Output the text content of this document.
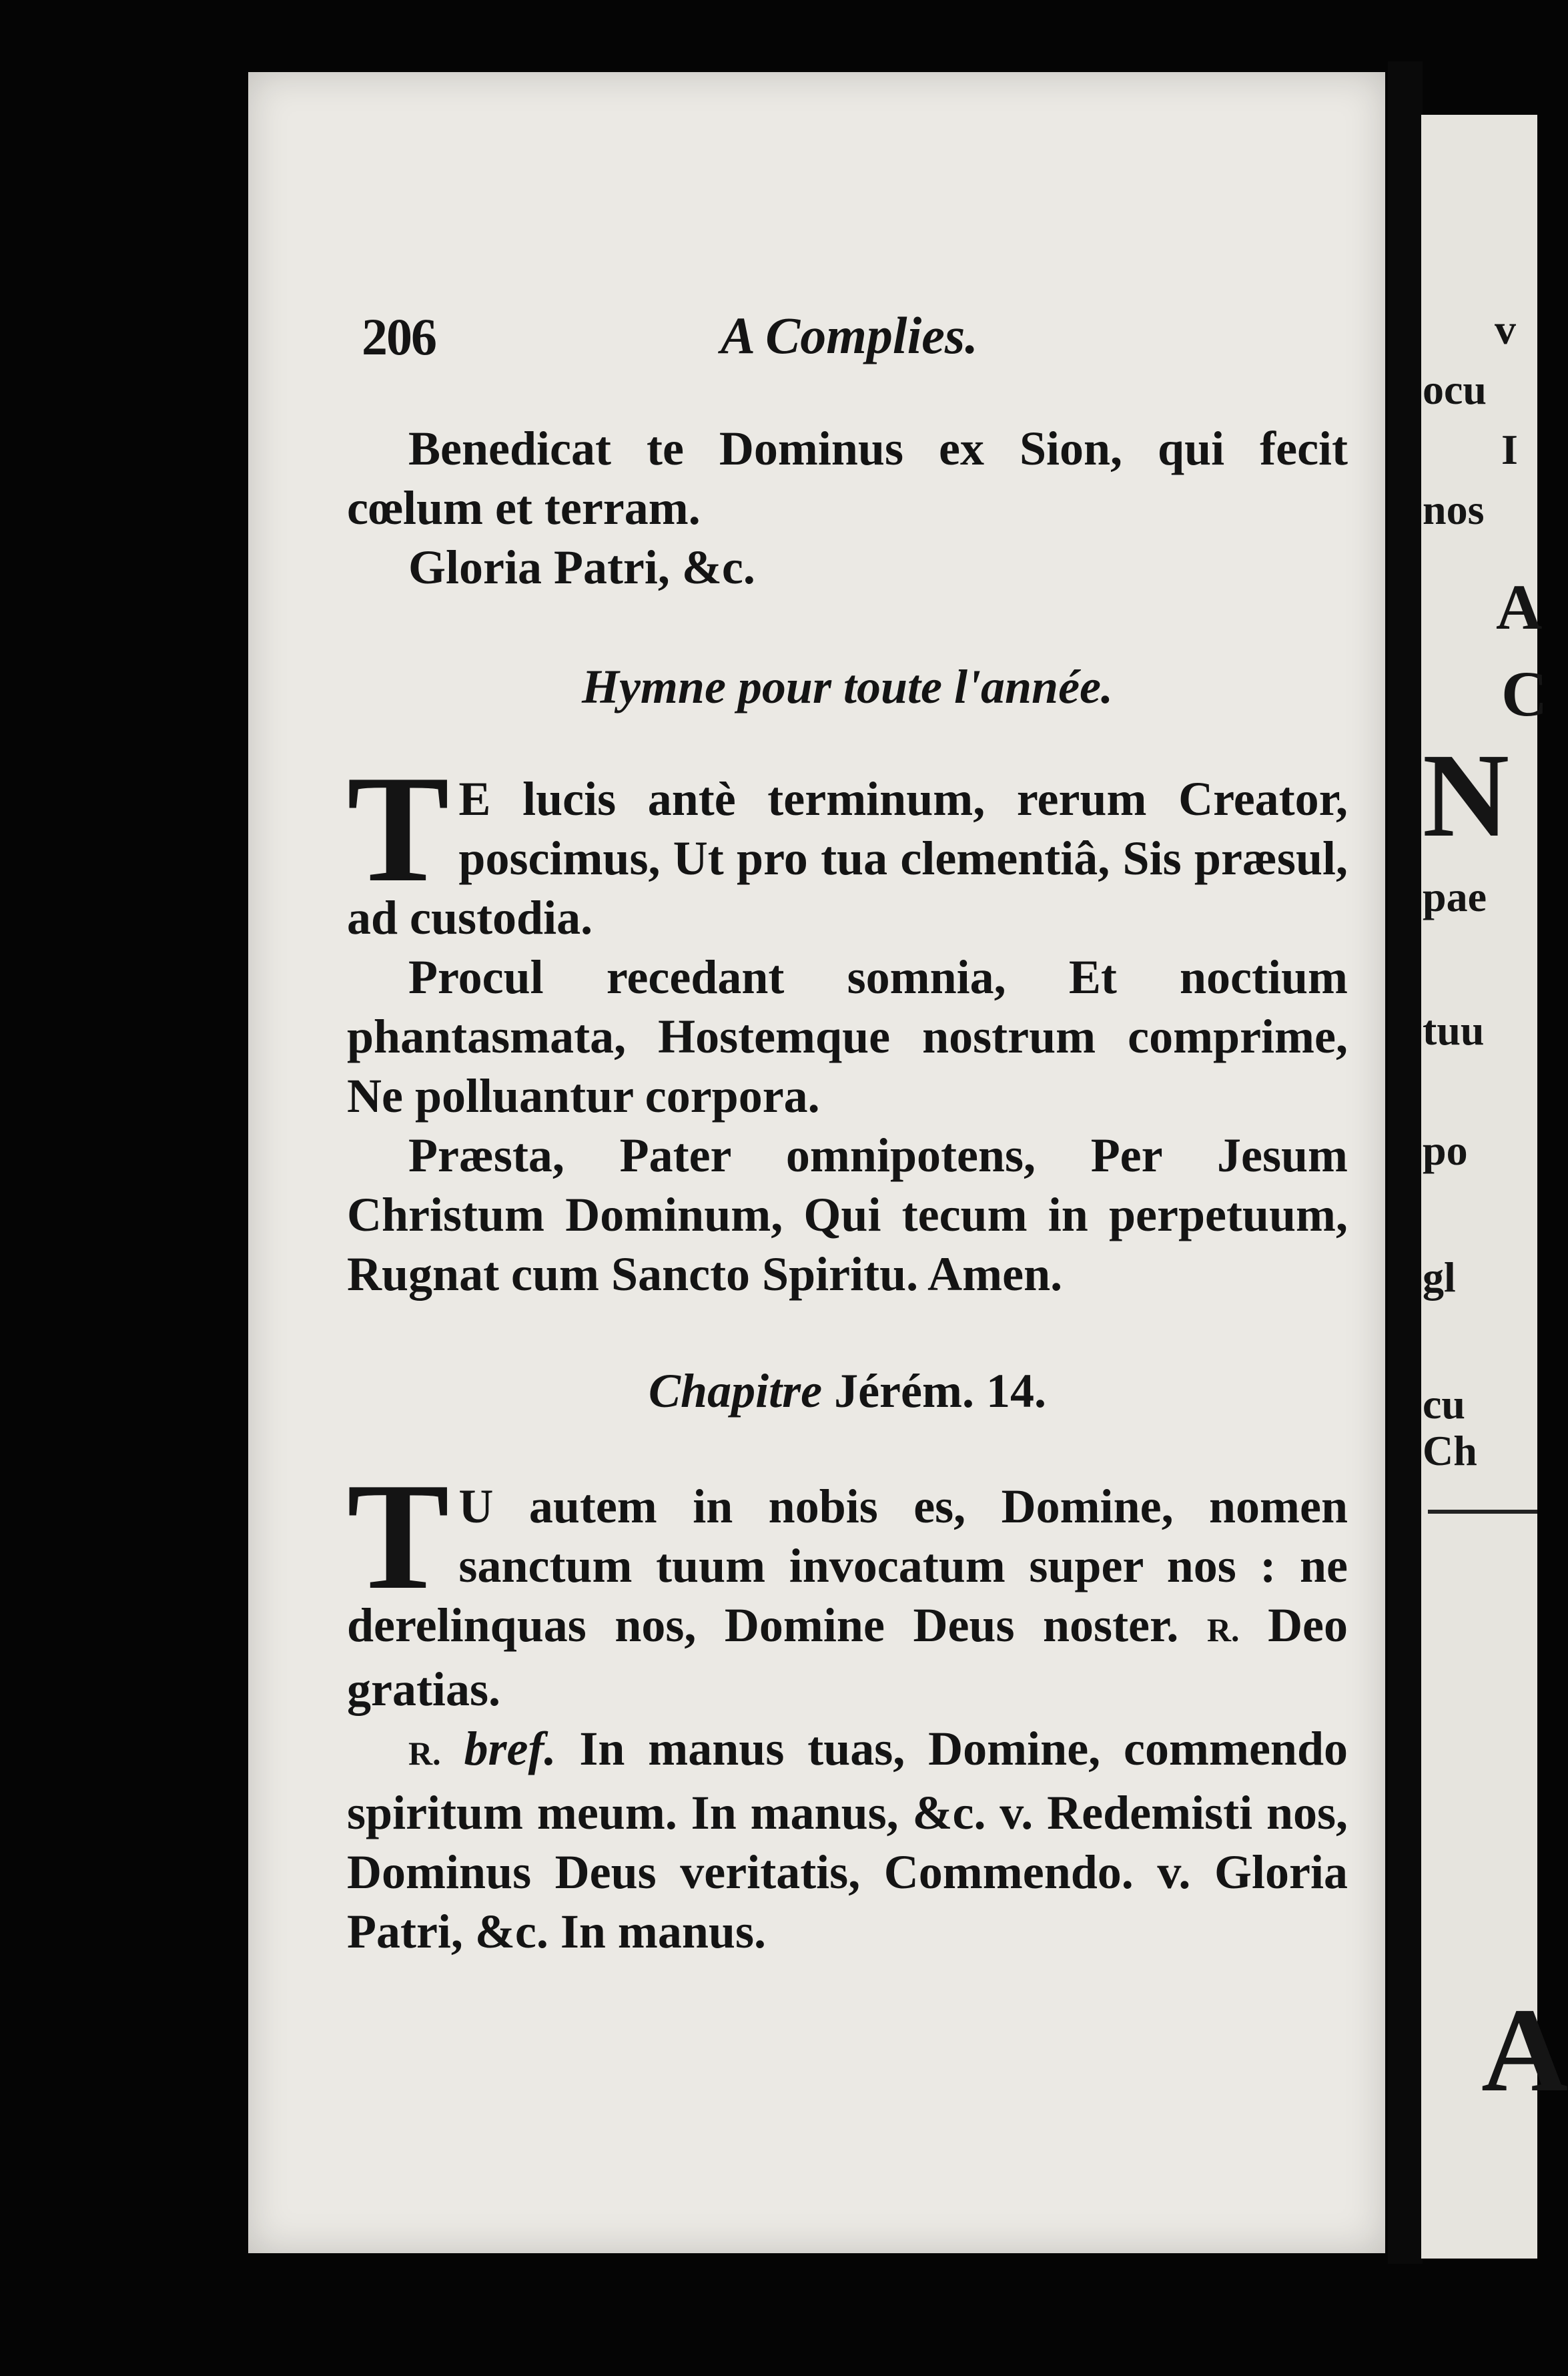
206	A Complies.

Benedicat te Dominus ex Sion, qui fecit cœlum et terram.

Gloria Patri, &c.

Hymne pour toute l'année.

T E lucis antè terminum, rerum Creator, poscimus, Ut pro tua clementiâ, Sis præsul, ad custodia.

Procul recedant somnia, Et noctium phantasmata, Hostemque nostrum comprime, Ne polluantur corpora.

Præsta, Pater omnipotens, Per Jesum Christum Dominum, Qui tecum in perpetuum, Rugnat cum Sancto Spiritu. Amen.

Chapitre Jérém. 14.

T U autem in nobis es, Domine, nomen sanctum tuum invocatum super nos : ne derelinquas nos, Domine Deus noster. R. Deo gratias.

R. bref. In manus tuas, Domine, commendo spiritum meum. In manus, &c. v. Redemisti nos, Dominus Deus veritatis, Commendo. v. Gloria Patri, &c. In manus.

v

ocu

I

nos

A

C

N

pae

tuu

po

gl

cu

Ch

A
